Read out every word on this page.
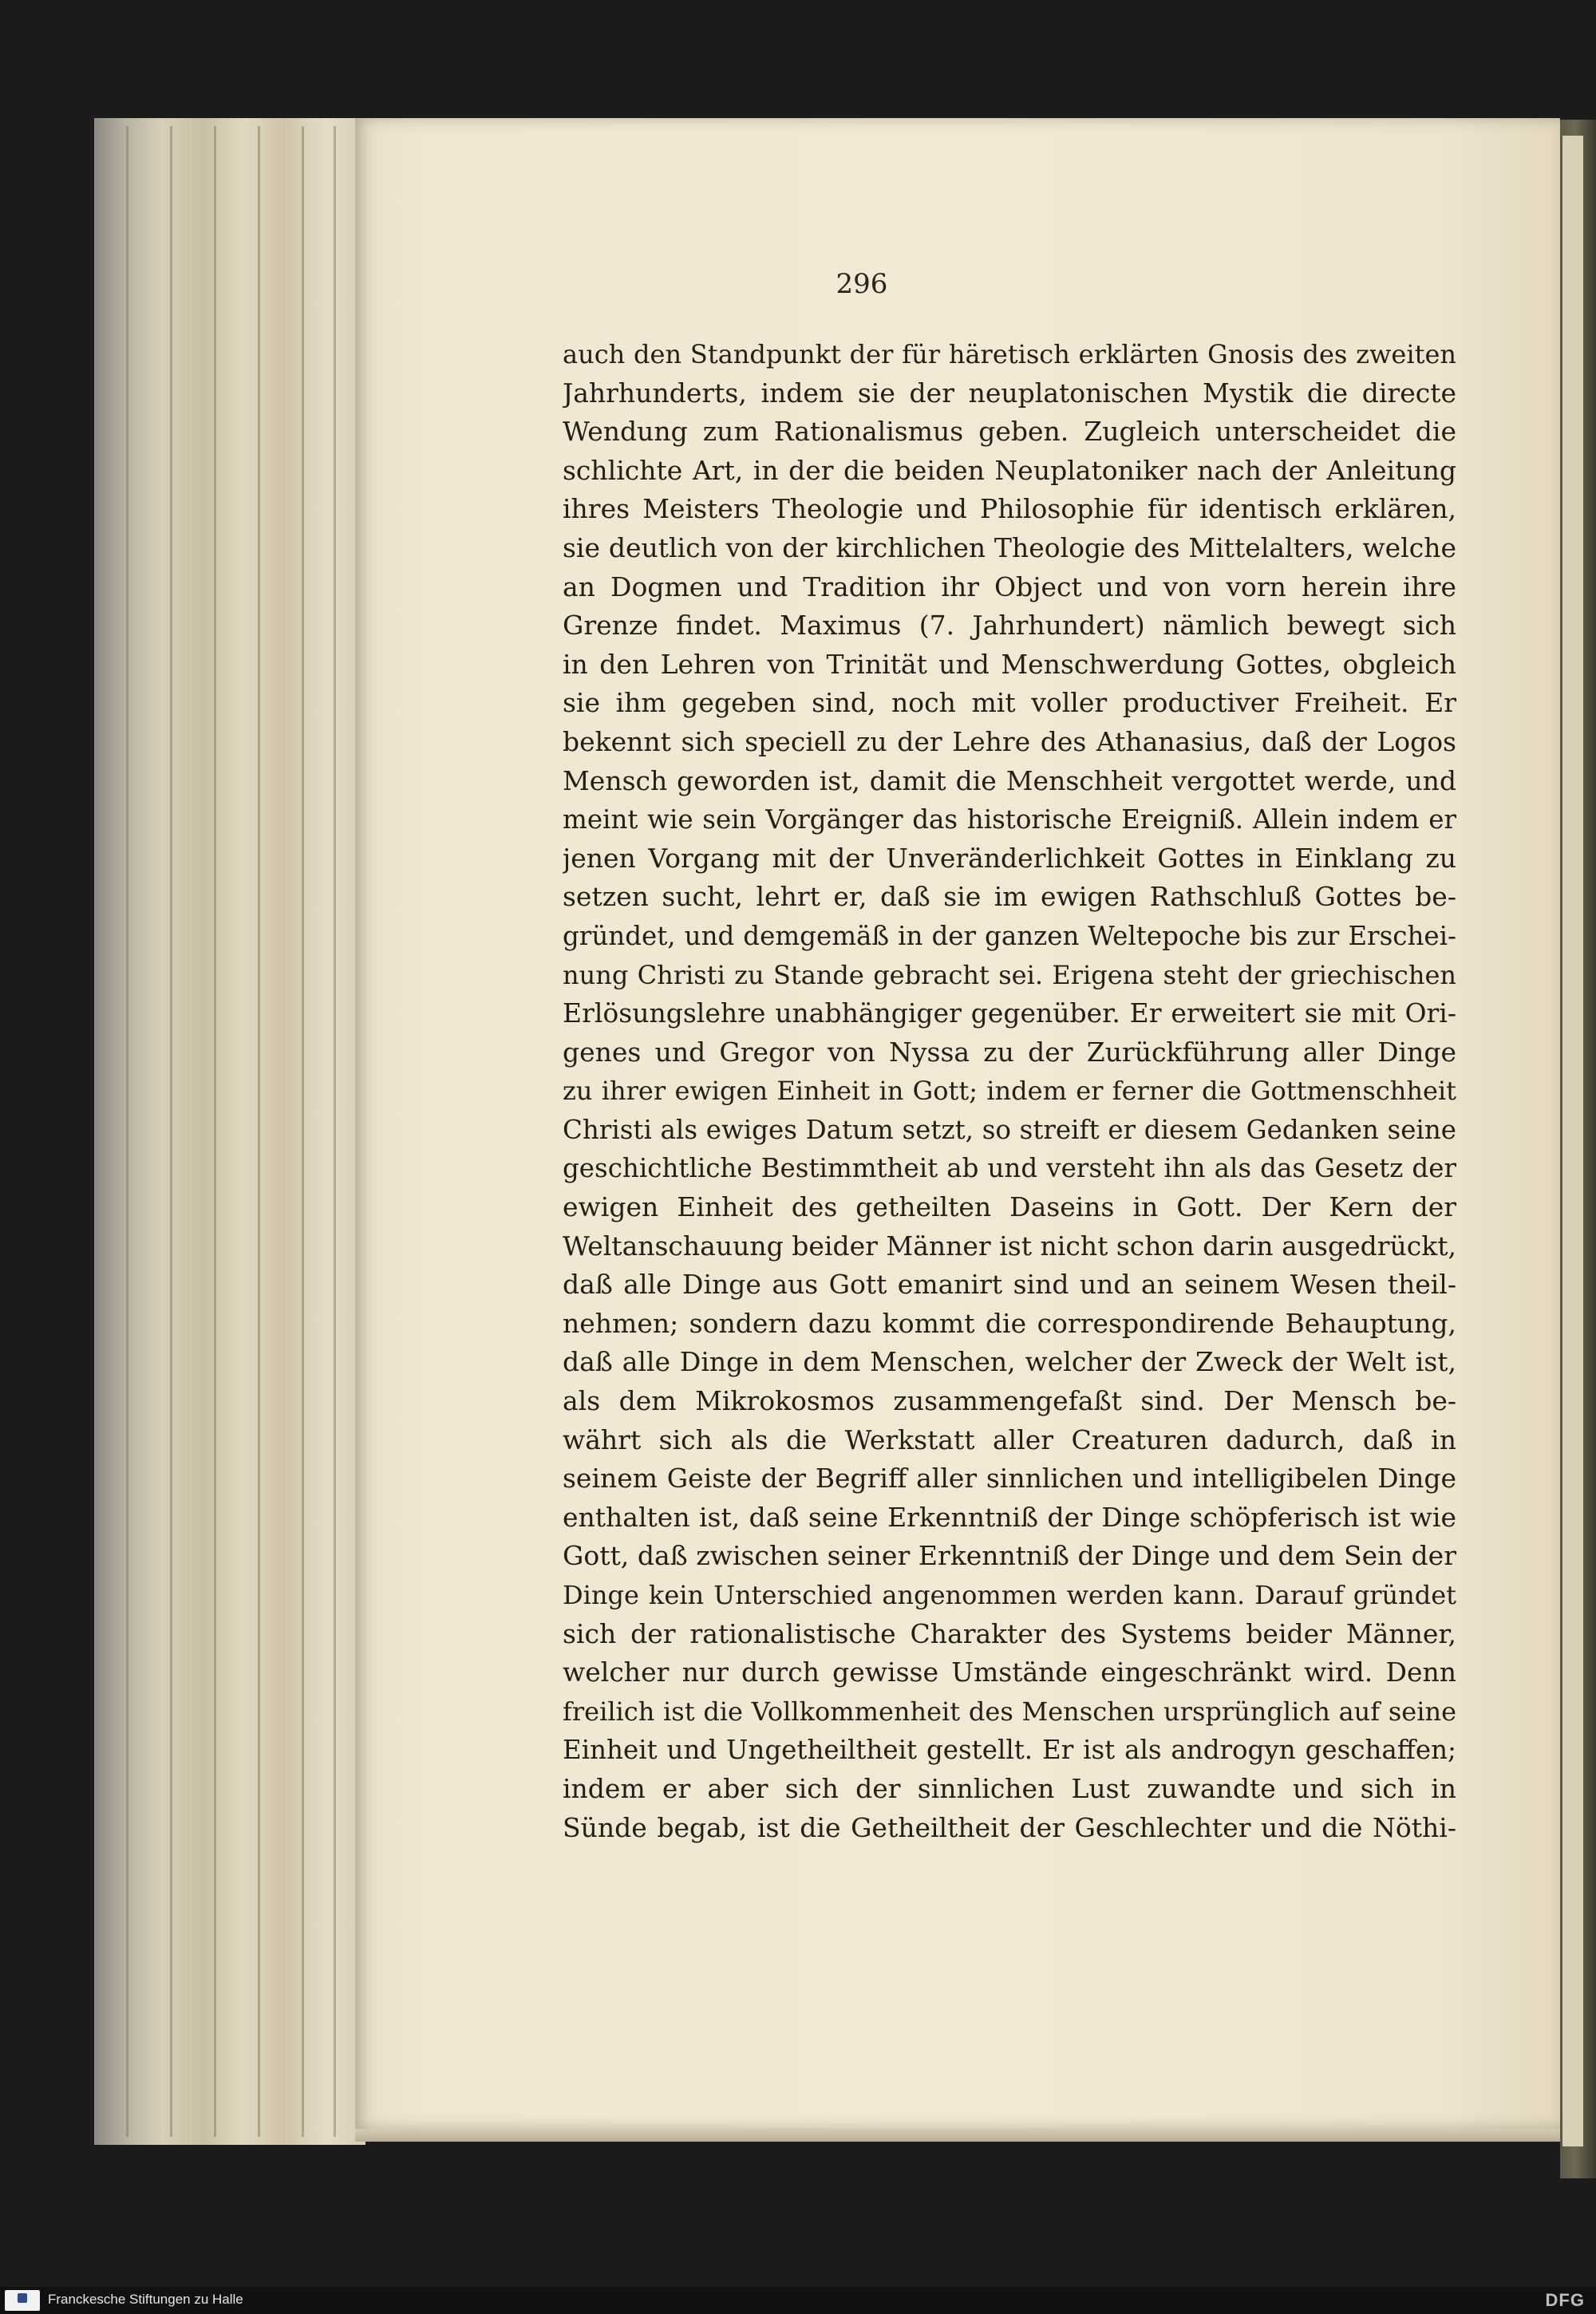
296
auch den Standpunkt der für häretisch erklärten Gnosis des zweiten
Jahrhunderts, indem sie der neuplatonischen Mystik die directe
Wendung zum Rationalismus geben. Zugleich unterscheidet die
schlichte Art, in der die beiden Neuplatoniker nach der Anleitung
ihres Meisters Theologie und Philosophie für identisch erklären,
sie deutlich von der kirchlichen Theologie des Mittelalters, welche
an Dogmen und Tradition ihr Object und von vorn herein ihre
Grenze findet. Maximus (7. Jahrhundert) nämlich bewegt sich
in den Lehren von Trinität und Menschwerdung Gottes, obgleich
sie ihm gegeben sind, noch mit voller productiver Freiheit. Er
bekennt sich speciell zu der Lehre des Athanasius, daß der Logos
Mensch geworden ist, damit die Menschheit vergottet werde, und
meint wie sein Vorgänger das historische Ereigniß. Allein indem er
jenen Vorgang mit der Unveränderlichkeit Gottes in Einklang zu
setzen sucht, lehrt er, daß sie im ewigen Rathschluß Gottes be-
gründet, und demgemäß in der ganzen Weltepoche bis zur Erschei-
nung Christi zu Stande gebracht sei. Erigena steht der griechischen
Erlösungslehre unabhängiger gegenüber. Er erweitert sie mit Ori-
genes und Gregor von Nyssa zu der Zurückführung aller Dinge
zu ihrer ewigen Einheit in Gott; indem er ferner die Gottmenschheit
Christi als ewiges Datum setzt, so streift er diesem Gedanken seine
geschichtliche Bestimmtheit ab und versteht ihn als das Gesetz der
ewigen Einheit des getheilten Daseins in Gott. Der Kern der
Weltanschauung beider Männer ist nicht schon darin ausgedrückt,
daß alle Dinge aus Gott emanirt sind und an seinem Wesen theil-
nehmen; sondern dazu kommt die correspondirende Behauptung,
daß alle Dinge in dem Menschen, welcher der Zweck der Welt ist,
als dem Mikrokosmos zusammengefaßt sind. Der Mensch be-
währt sich als die Werkstatt aller Creaturen dadurch, daß in
seinem Geiste der Begriff aller sinnlichen und intelligibelen Dinge
enthalten ist, daß seine Erkenntniß der Dinge schöpferisch ist wie
Gott, daß zwischen seiner Erkenntniß der Dinge und dem Sein der
Dinge kein Unterschied angenommen werden kann. Darauf gründet
sich der rationalistische Charakter des Systems beider Männer,
welcher nur durch gewisse Umstände eingeschränkt wird. Denn
freilich ist die Vollkommenheit des Menschen ursprünglich auf seine
Einheit und Ungetheiltheit gestellt. Er ist als androgyn geschaffen;
indem er aber sich der sinnlichen Lust zuwandte und sich in
Sünde begab, ist die Getheiltheit der Geschlechter und die Nöthi-
Franckesche Stiftungen zu Halle	DFG
